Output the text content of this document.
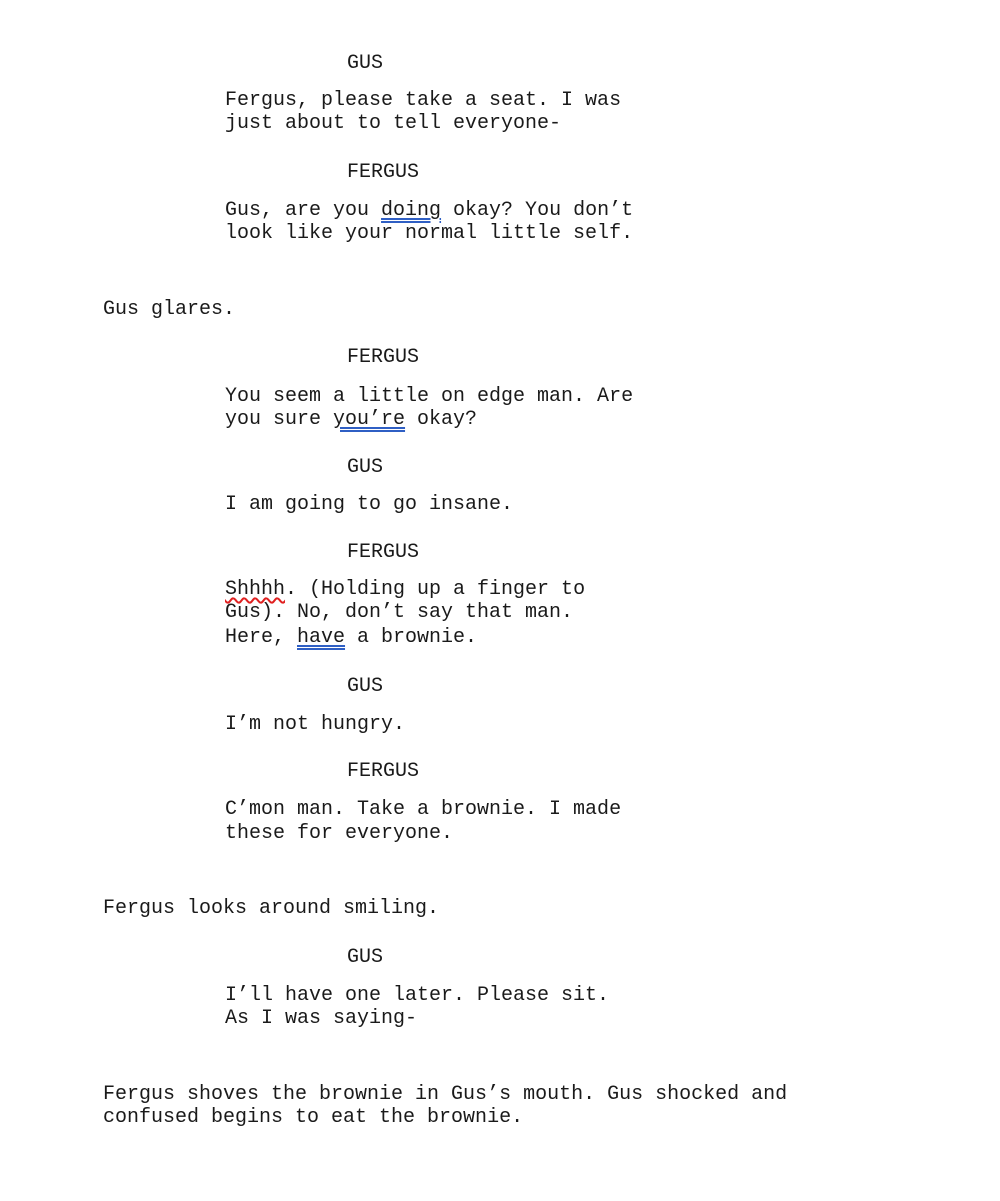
GUS
Fergus, please take a seat. I was
just about to tell everyone-
FERGUS
Gus, are you doing okay? You don’t
look like your normal little self.
Gus glares.
FERGUS
You seem a little on edge man. Are
you sure you’re okay?
GUS
I am going to go insane.
FERGUS
Shhhh. (Holding up a finger to
Gus). No, don’t say that man.
Here, have a brownie.
GUS
I’m not hungry.
FERGUS
C’mon man. Take a brownie. I made
these for everyone.
Fergus looks around smiling.
GUS
I’ll have one later. Please sit.
As I was saying-
Fergus shoves the brownie in Gus’s mouth. Gus shocked and
confused begins to eat the brownie.
